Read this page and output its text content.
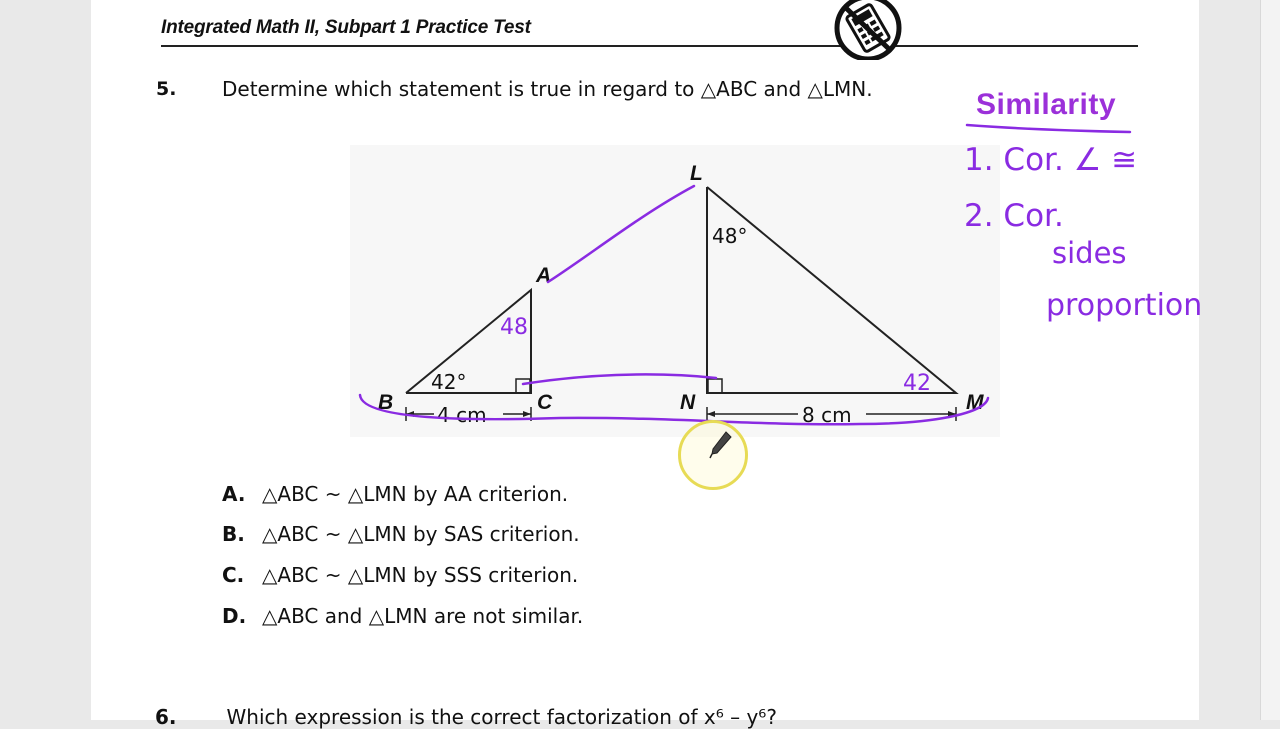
Integrated Math II, Subpart 1 Practice Test
5. Determine which statement is true in regard to △ABC and △LMN.
A
B	C
L
M
N
42°
48°
4 cm	8 cm
A. △ABC ~ △LMN by AA criterion.
B. △ABC ~ △LMN by SAS criterion.
C. △ABC ~ △LMN by SSS criterion.
D. △ABC and △LMN are not similar.
6.	Which expression is the correct factorization of x⁶ – y⁶?
48
42
Similarity
1. Cor. ∠ ≅
2. Cor.
sides
proportion
